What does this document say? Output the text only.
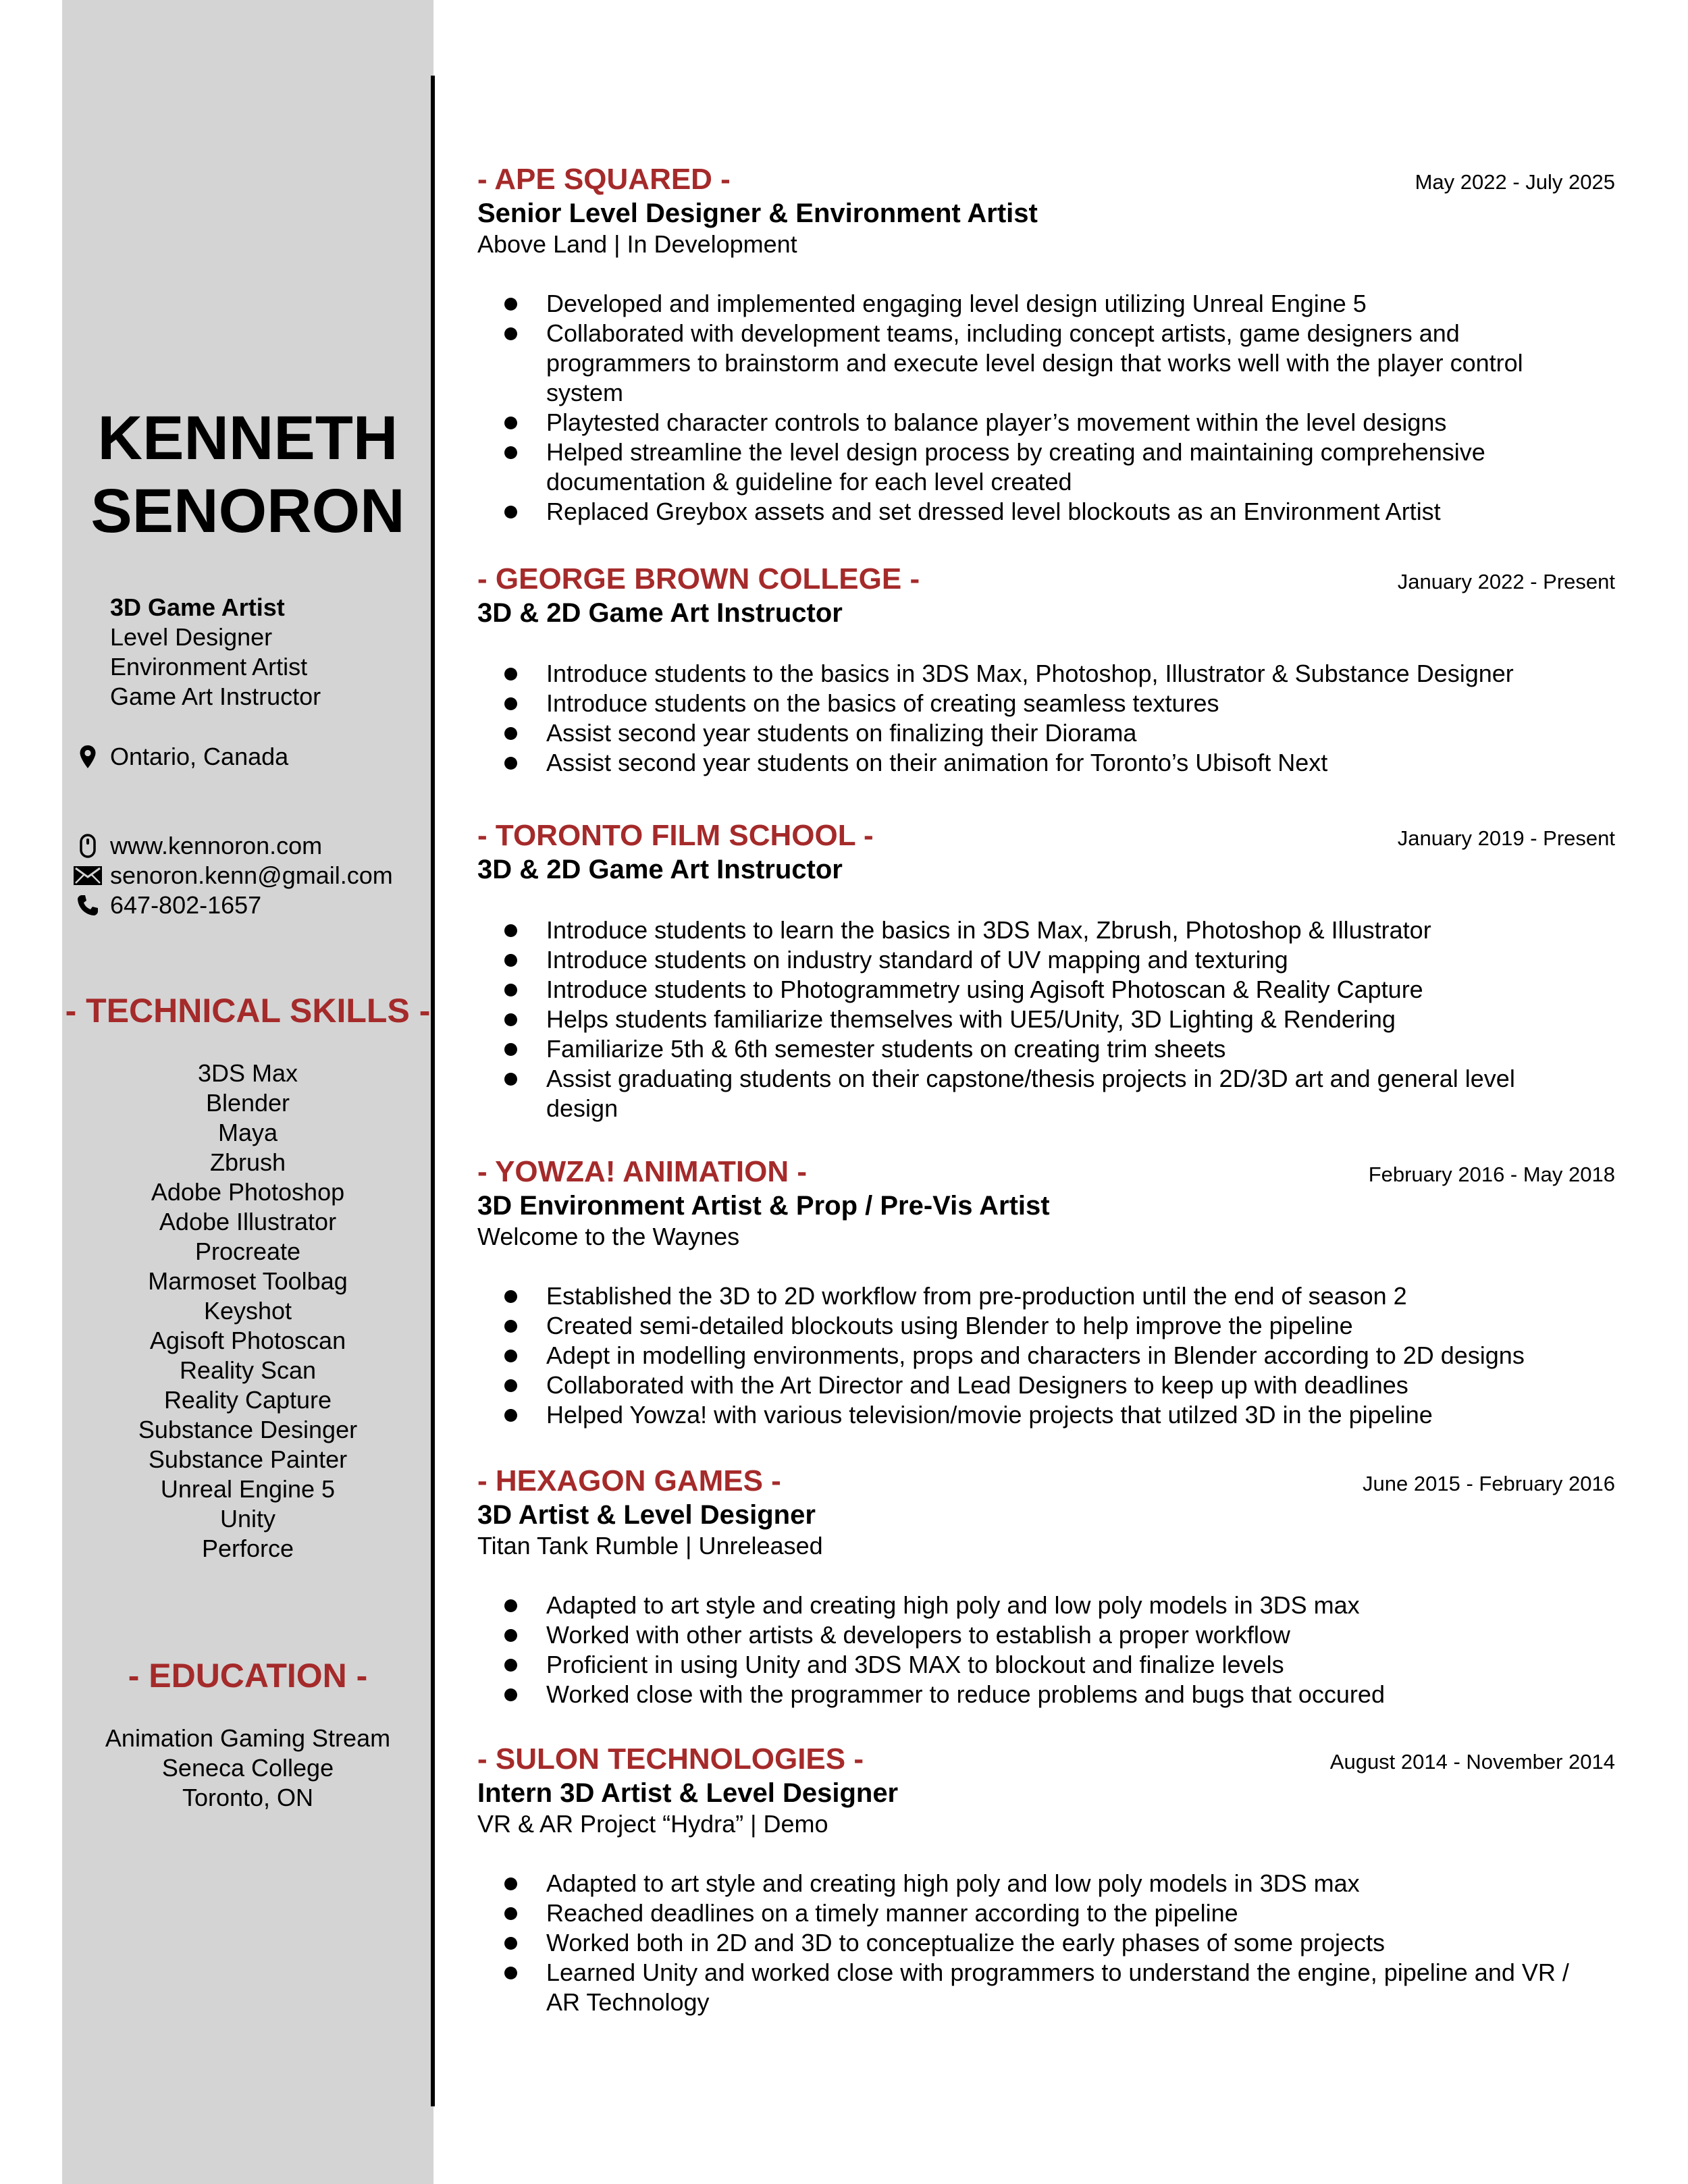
KENNETH
SENORON
3D Game Artist
Level Designer
Environment Artist
Game Art Instructor
Ontario, Canada
www.kennoron.com
senoron.kenn@gmail.com
647-802-1657
- TECHNICAL SKILLS -
3DS Max
Blender
Maya
Zbrush
Adobe Photoshop
Adobe Illustrator
Procreate
Marmoset Toolbag
Keyshot
Agisoft Photoscan
Reality Scan
Reality Capture
Substance Desinger
Substance Painter
Unreal Engine 5
Unity
Perforce
- EDUCATION -
Animation Gaming Stream
Seneca College
Toronto, ON
- APE SQUARED -	May 2022 - July 2025
Senior Level Designer & Environment Artist
Above Land | In Development
Developed and implemented engaging level design utilizing Unreal Engine 5
Collaborated with development teams, including concept artists, game designers and programmers to brainstorm and execute level design that works well with the player control system
Playtested character controls to balance player’s movement within the level designs
Helped streamline the level design process by creating and maintaining comprehensive documentation & guideline for each level created
Replaced Greybox assets and set dressed level blockouts as an Environment Artist
- GEORGE BROWN COLLEGE -	January 2022 - Present
3D & 2D Game Art Instructor
Introduce students to the basics in 3DS Max, Photoshop, Illustrator & Substance Designer
Introduce students on the basics of creating seamless textures
Assist second year students on finalizing their Diorama
Assist second year students on their animation for Toronto’s Ubisoft Next
- TORONTO FILM SCHOOL -	January 2019 - Present
3D & 2D Game Art Instructor
Introduce students to learn the basics in 3DS Max, Zbrush, Photoshop & Illustrator
Introduce students on industry standard of UV mapping and texturing
Introduce students to Photogrammetry using Agisoft Photoscan & Reality Capture
Helps students familiarize themselves with UE5/Unity, 3D Lighting & Rendering
Familiarize 5th & 6th semester students on creating trim sheets
Assist graduating students on their capstone/thesis projects in 2D/3D art and general level design
- YOWZA! ANIMATION -	February 2016 - May 2018
3D Environment Artist & Prop / Pre-Vis Artist
Welcome to the Waynes
Established the 3D to 2D workflow from pre-production until the end of season 2
Created semi-detailed blockouts using Blender to help improve the pipeline
Adept in modelling environments, props and characters in Blender according to 2D designs
Collaborated with the Art Director and Lead Designers to keep up with deadlines
Helped Yowza! with various television/movie projects that utilzed 3D in the pipeline
- HEXAGON GAMES -	June 2015 - February 2016
3D Artist & Level Designer
Titan Tank Rumble | Unreleased
Adapted to art style and creating high poly and low poly models in 3DS max
Worked with other artists & developers to establish a proper workflow
Proficient in using Unity and 3DS MAX to blockout and finalize levels
Worked close with the programmer to reduce problems and bugs that occured
- SULON TECHNOLOGIES -	August 2014 - November 2014
Intern 3D Artist & Level Designer
VR & AR Project “Hydra” | Demo
Adapted to art style and creating high poly and low poly models in 3DS max
Reached deadlines on a timely manner according to the pipeline
Worked both in 2D and 3D to conceptualize the early phases of some projects
Learned Unity and worked close with programmers to understand the engine, pipeline and VR / AR Technology
